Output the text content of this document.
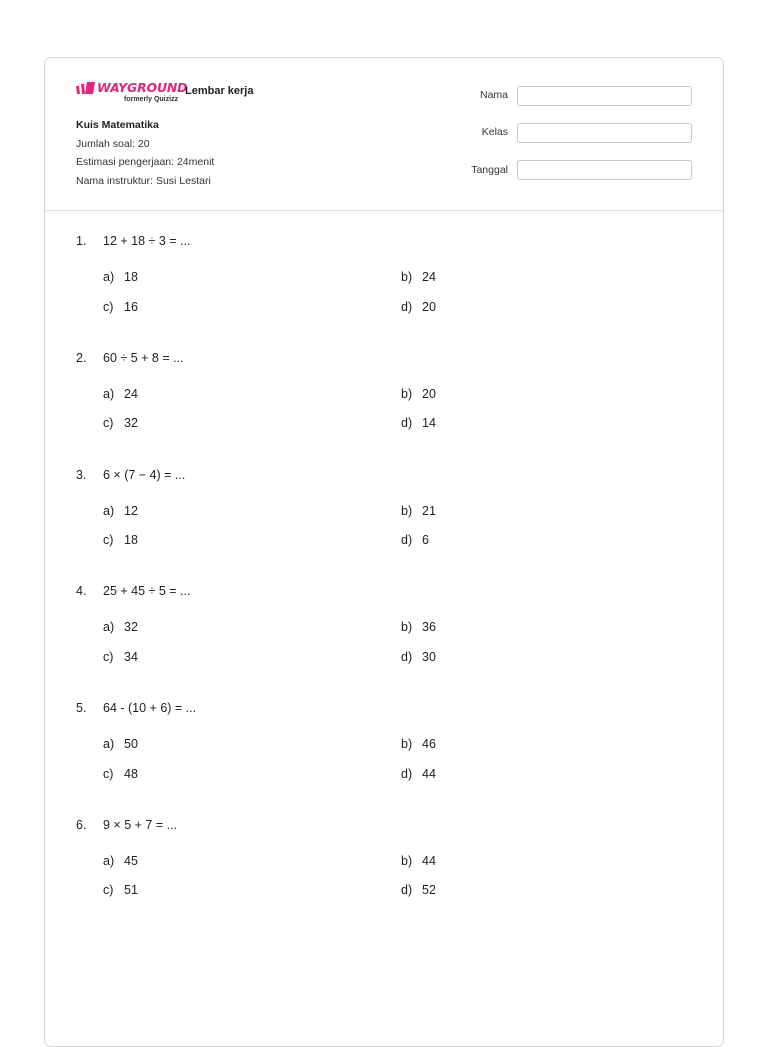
WAYGROUND
formerly Quizizz
Lembar kerja
Kuis Matematika
Jumlah soal: 20
Estimasi pengerjaan: 24menit
Nama instruktur: Susi Lestari
Nama
Kelas
Tanggal
1. 12 + 18 ÷ 3 = ...
a) 18	b) 24
c) 16	d) 20
2. 60 ÷ 5 + 8 = ...
a) 24	b) 20
c) 32	d) 14
3. 6 × (7 − 4) = ...
a) 12	b) 21
c) 18	d) 6
4. 25 + 45 ÷ 5 = ...
a) 32	b) 36
c) 34	d) 30
5. 64 - (10 + 6) = ...
a) 50	b) 46
c) 48	d) 44
6. 9 × 5 + 7 = ...
a) 45	b) 44
c) 51	d) 52
